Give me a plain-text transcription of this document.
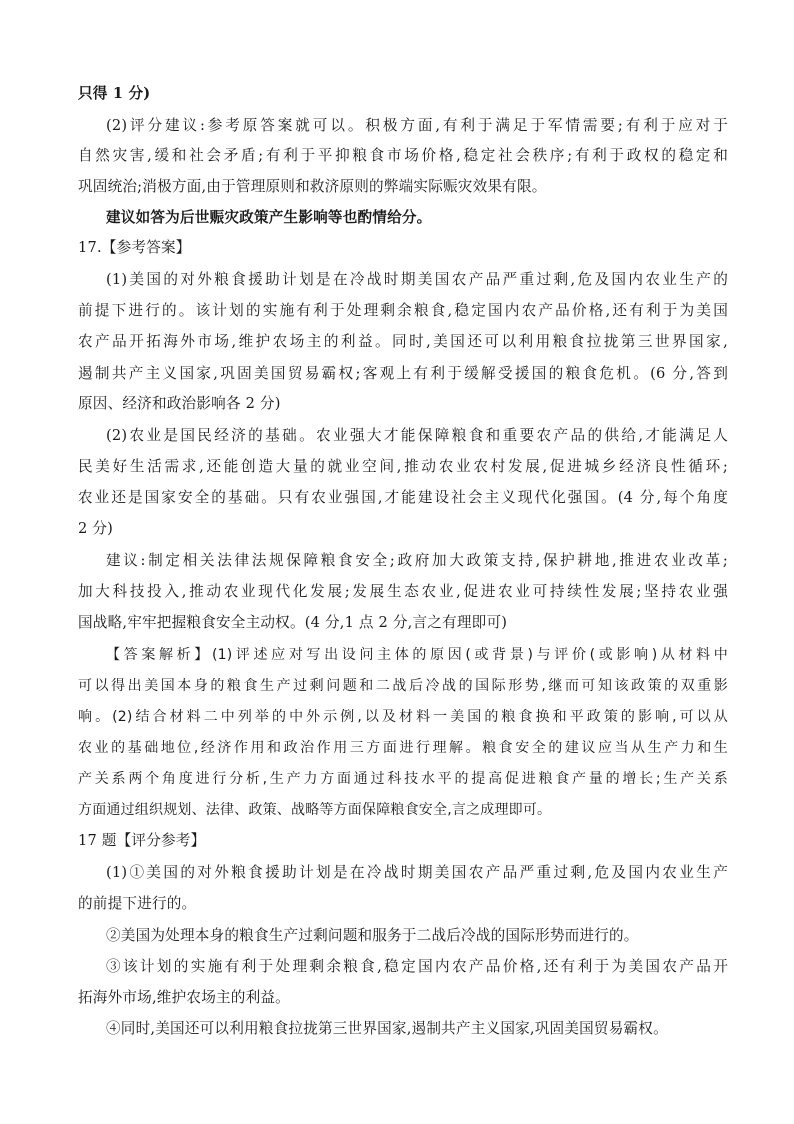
只得 1 分)
(2)评分建议:参考原答案就可以。积极方面,有利于满足于军情需要;有利于应对于
自然灾害,缓和社会矛盾;有利于平抑粮食市场价格,稳定社会秩序;有利于政权的稳定和
巩固统治;消极方面,由于管理原则和救济原则的弊端实际赈灾效果有限。
建议如答为后世赈灾政策产生影响等也酌情给分。
17.【参考答案】
(1)美国的对外粮食援助计划是在冷战时期美国农产品严重过剩,危及国内农业生产的
前提下进行的。该计划的实施有利于处理剩余粮食,稳定国内农产品价格,还有利于为美国
农产品开拓海外市场,维护农场主的利益。同时,美国还可以利用粮食拉拢第三世界国家,
遏制共产主义国家,巩固美国贸易霸权;客观上有利于缓解受援国的粮食危机。(6 分,答到
原因、经济和政治影响各 2 分)
(2)农业是国民经济的基础。农业强大才能保障粮食和重要农产品的供给,才能满足人
民美好生活需求,还能创造大量的就业空间,推动农业农村发展,促进城乡经济良性循环;
农业还是国家安全的基础。只有农业强国,才能建设社会主义现代化强国。(4 分,每个角度
2 分)
建议:制定相关法律法规保障粮食安全;政府加大政策支持,保护耕地,推进农业改革;
加大科技投入,推动农业现代化发展;发展生态农业,促进农业可持续性发展;坚持农业强
国战略,牢牢把握粮食安全主动权。(4 分,1 点 2 分,言之有理即可)
【答案解析】(1)评述应对写出设问主体的原因(或背景)与评价(或影响)从材料中
可以得出美国本身的粮食生产过剩问题和二战后冷战的国际形势,继而可知该政策的双重影
响。(2)结合材料二中列举的中外示例,以及材料一美国的粮食换和平政策的影响,可以从
农业的基础地位,经济作用和政治作用三方面进行理解。粮食安全的建议应当从生产力和生
产关系两个角度进行分析,生产力方面通过科技水平的提高促进粮食产量的增长;生产关系
方面通过组织规划、法律、政策、战略等方面保障粮食安全,言之成理即可。
17 题【评分参考】
(1)①美国的对外粮食援助计划是在冷战时期美国农产品严重过剩,危及国内农业生产
的前提下进行的。
②美国为处理本身的粮食生产过剩问题和服务于二战后冷战的国际形势而进行的。
③该计划的实施有利于处理剩余粮食,稳定国内农产品价格,还有利于为美国农产品开
拓海外市场,维护农场主的利益。
④同时,美国还可以利用粮食拉拢第三世界国家,遏制共产主义国家,巩固美国贸易霸权。
